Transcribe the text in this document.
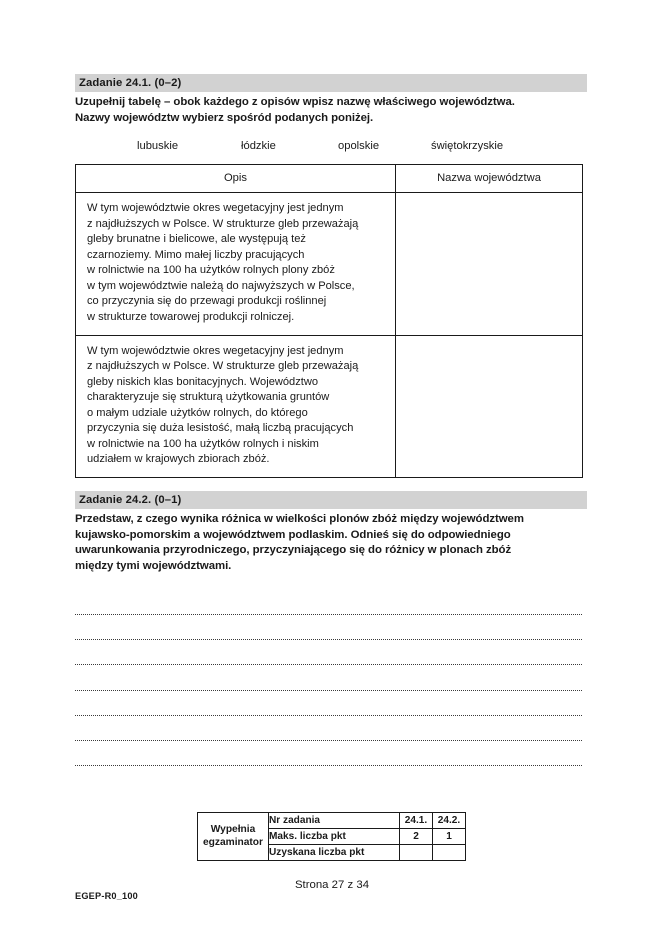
Zadanie 24.1. (0–2)
Uzupełnij tabelę – obok każdego z opisów wpisz nazwę właściwego województwa.
Nazwy województw wybierz spośród podanych poniżej.
lubuskie	łódzkie	opolskie	świętokrzyskie
Opis	Nazwa województwa

W tym województwie okres wegetacyjny jest jednym
z najdłuższych w Polsce. W strukturze gleb przeważają
gleby brunatne i bielicowe, ale występują też
czarnoziemy. Mimo małej liczby pracujących
w rolnictwie na 100 ha użytków rolnych plony zbóż
w tym województwie należą do najwyższych w Polsce,
co przyczynia się do przewagi produkcji roślinnej
w strukturze towarowej produkcji rolniczej.

W tym województwie okres wegetacyjny jest jednym
z najdłuższych w Polsce. W strukturze gleb przeważają
gleby niskich klas bonitacyjnych. Województwo
charakteryzuje się strukturą użytkowania gruntów
o małym udziale użytków rolnych, do którego
przyczynia się duża lesistość, małą liczbą pracujących
w rolnictwie na 100 ha użytków rolnych i niskim
udziałem w krajowych zbiorach zbóż.

Zadanie 24.2. (0–1)
Przedstaw, z czego wynika różnica w wielkości plonów zbóż między województwem
kujawsko-pomorskim a województwem podlaskim. Odnieś się do odpowiedniego
uwarunkowania przyrodniczego, przyczyniającego się do różnicy w plonach zbóż
między tymi województwami.
Wypełnia
egzaminator	Nr zadania	24.1.	24.2.
	Maks. liczba pkt	2	1
	Uzyskana liczba pkt		
Strona 27 z 34
EGEP-R0_100
